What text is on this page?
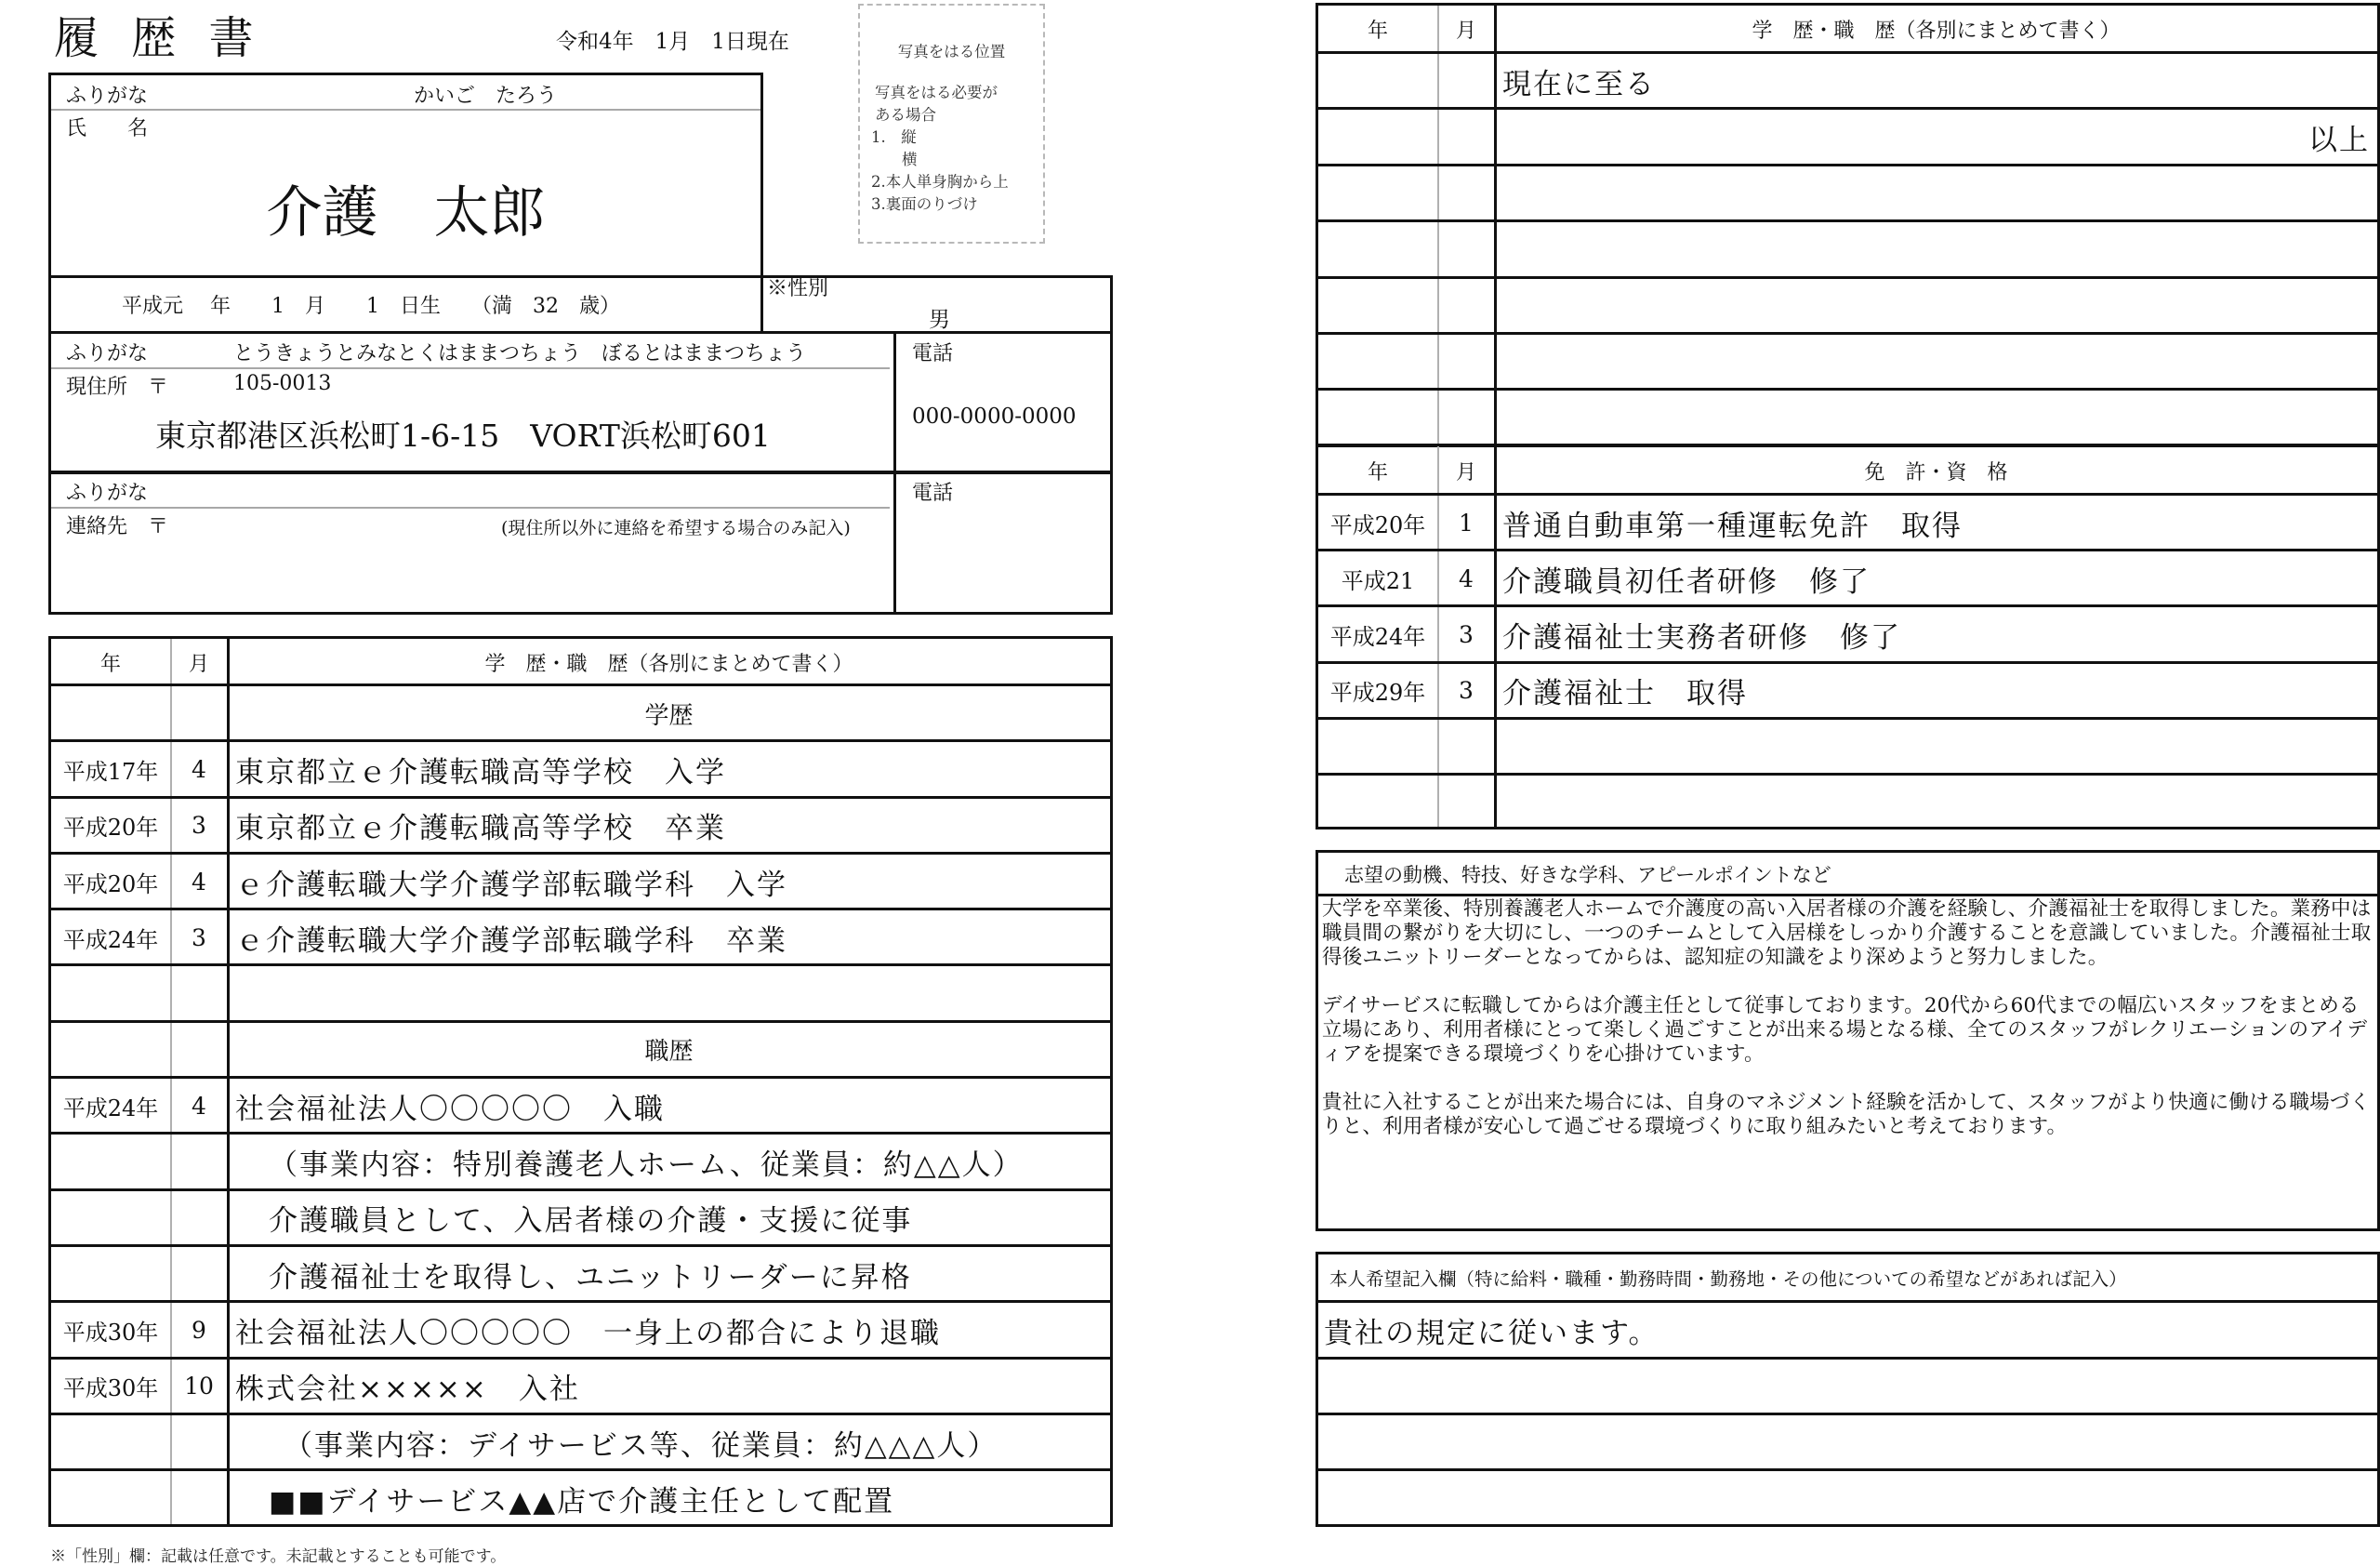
履 歴 書	令和4年　1月　1日現在	写真をはる位置
写真をはる必要が
ある場合
1.　縦
　　横
2.本人単身胸から上
3.裏面のりづけ
ふりがな	かいご　たろう
氏　　名
介護　太郎
平成元　 年　　1　月　　1　日生　　（満　32　歳）
※性別
男
ふりがな	とうきょうとみなとくはままつちょう　ぼるとはままつちょう
現住所　〒	105-0013
東京都港区浜松町1-6-15　VORT浜松町601
電話
000-0000-0000
ふりがな
連絡先　〒	(現住所以外に連絡を希望する場合のみ記入)
電話
年	月	学　歴・職　歴（各別にまとめて書く）
学歴
平成17年	4	東京都立ｅ介護転職高等学校　入学
平成20年	3	東京都立ｅ介護転職高等学校　卒業
平成20年	4	ｅ介護転職大学介護学部転職学科　入学
平成24年	3	ｅ介護転職大学介護学部転職学科　卒業
職歴
平成24年	4	社会福祉法人〇〇〇〇〇　入職
（事業内容：特別養護老人ホーム、従業員：約△△人）
介護職員として、入居者様の介護・支援に従事
介護福祉士を取得し、ユニットリーダーに昇格
平成30年	9	社会福祉法人〇〇〇〇〇　一身上の都合により退職
平成30年	10 株式会社×××××　入社
（事業内容：デイサービス等、従業員：約△△△人）
■■デイサービス▲▲店で介護主任として配置
※「性別」欄：記載は任意です。未記載とすることも可能です。
年	月	学　歴・職　歴（各別にまとめて書く）
現在に至る
以上
年	月	免　許・資　格
平成20年	1	普通自動車第一種運転免許　取得
平成21	4	介護職員初任者研修　修了
平成24年	3	介護福祉士実務者研修　修了
平成29年	3	介護福祉士　取得
志望の動機、特技、好きな学科、アピールポイントなど
大学を卒業後、特別養護老人ホームで介護度の高い入居者様の介護を経験し、介護福祉士を取得しました。業務中は職員間の繋がりを大切にし、一つのチームとして入居様をしっかり介護することを意識していました。介護福祉士取得後ユニットリーダーとなってからは、認知症の知識をより深めようと努力しました。
デイサービスに転職してからは介護主任として従事しております。20代から60代までの幅広いスタッフをまとめる立場にあり、利用者様にとって楽しく過ごすことが出来る場となる様、全てのスタッフがレクリエーションのアイディアを提案できる環境づくりを心掛けています。
貴社に入社することが出来た場合には、自身のマネジメント経験を活かして、スタッフがより快適に働ける職場づくりと、利用者様が安心して過ごせる環境づくりに取り組みたいと考えております。
本人希望記入欄（特に給料・職種・勤務時間・勤務地・その他についての希望などがあれば記入）
貴社の規定に従います。
